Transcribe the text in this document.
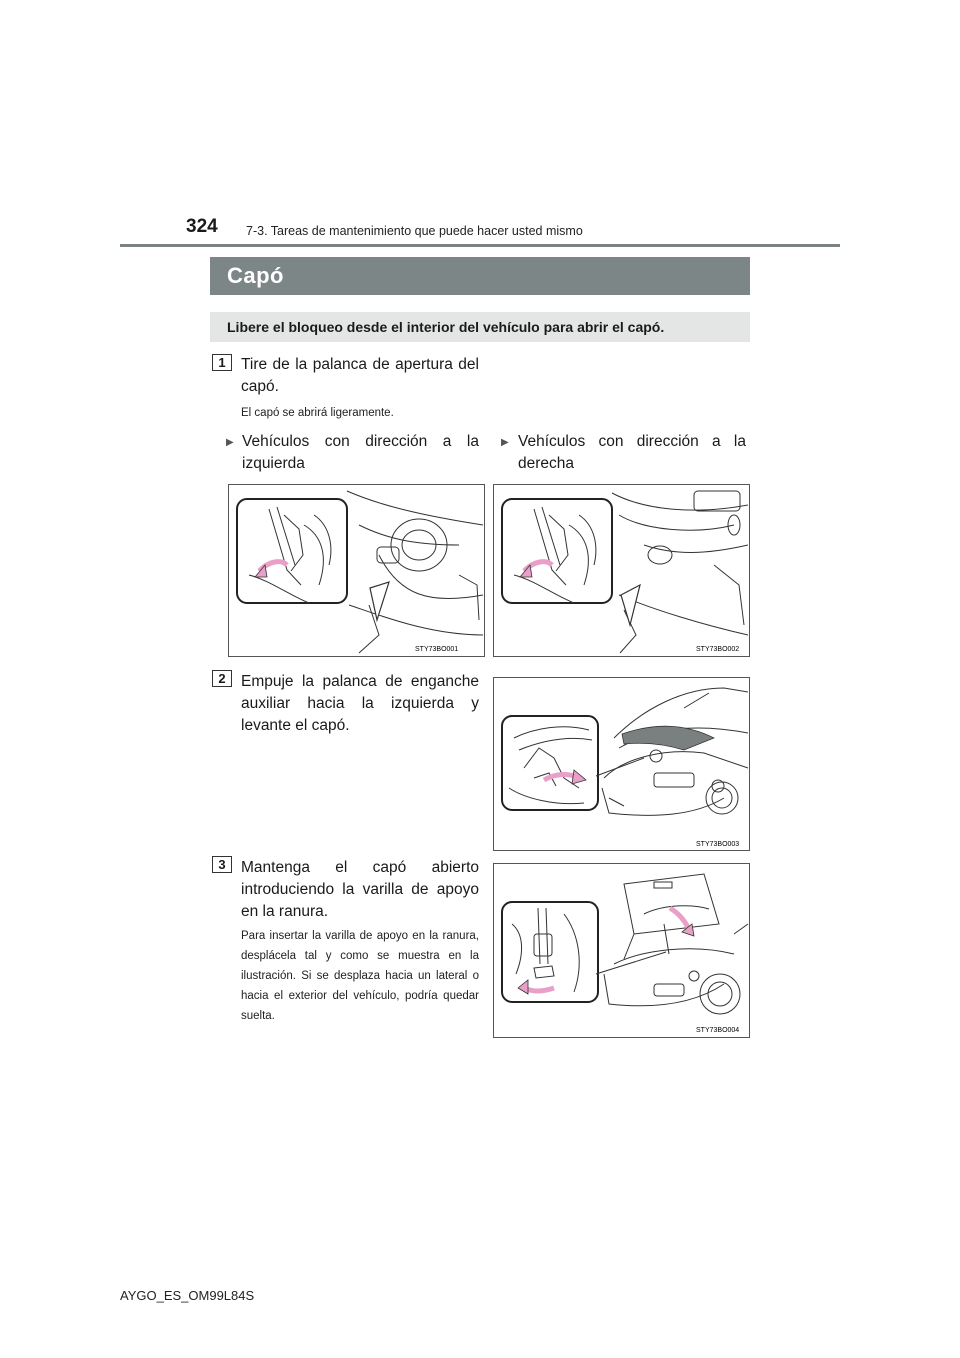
324 7-3. Tareas de mantenimiento que puede hacer usted mismo
Capó
Libere el bloqueo desde el interior del vehículo para abrir el capó.
1 Tire de la palanca de apertura del capó.
El capó se abrirá ligeramente.
▶ Vehículos con dirección a la izquierda
▶ Vehículos con dirección a la derecha
STY73BO001	STY73BO002
2 Empuje la palanca de enganche auxiliar hacia la izquierda y levante el capó.
STY73BO003
3 Mantenga el capó abierto introduciendo la varilla de apoyo en la ranura.
Para insertar la varilla de apoyo en la ranura, desplácela tal y como se muestra en la ilustración. Si se desplaza hacia un lateral o hacia el exterior del vehículo, podría quedar suelta.
STY73BO004
AYGO_ES_OM99L84S
